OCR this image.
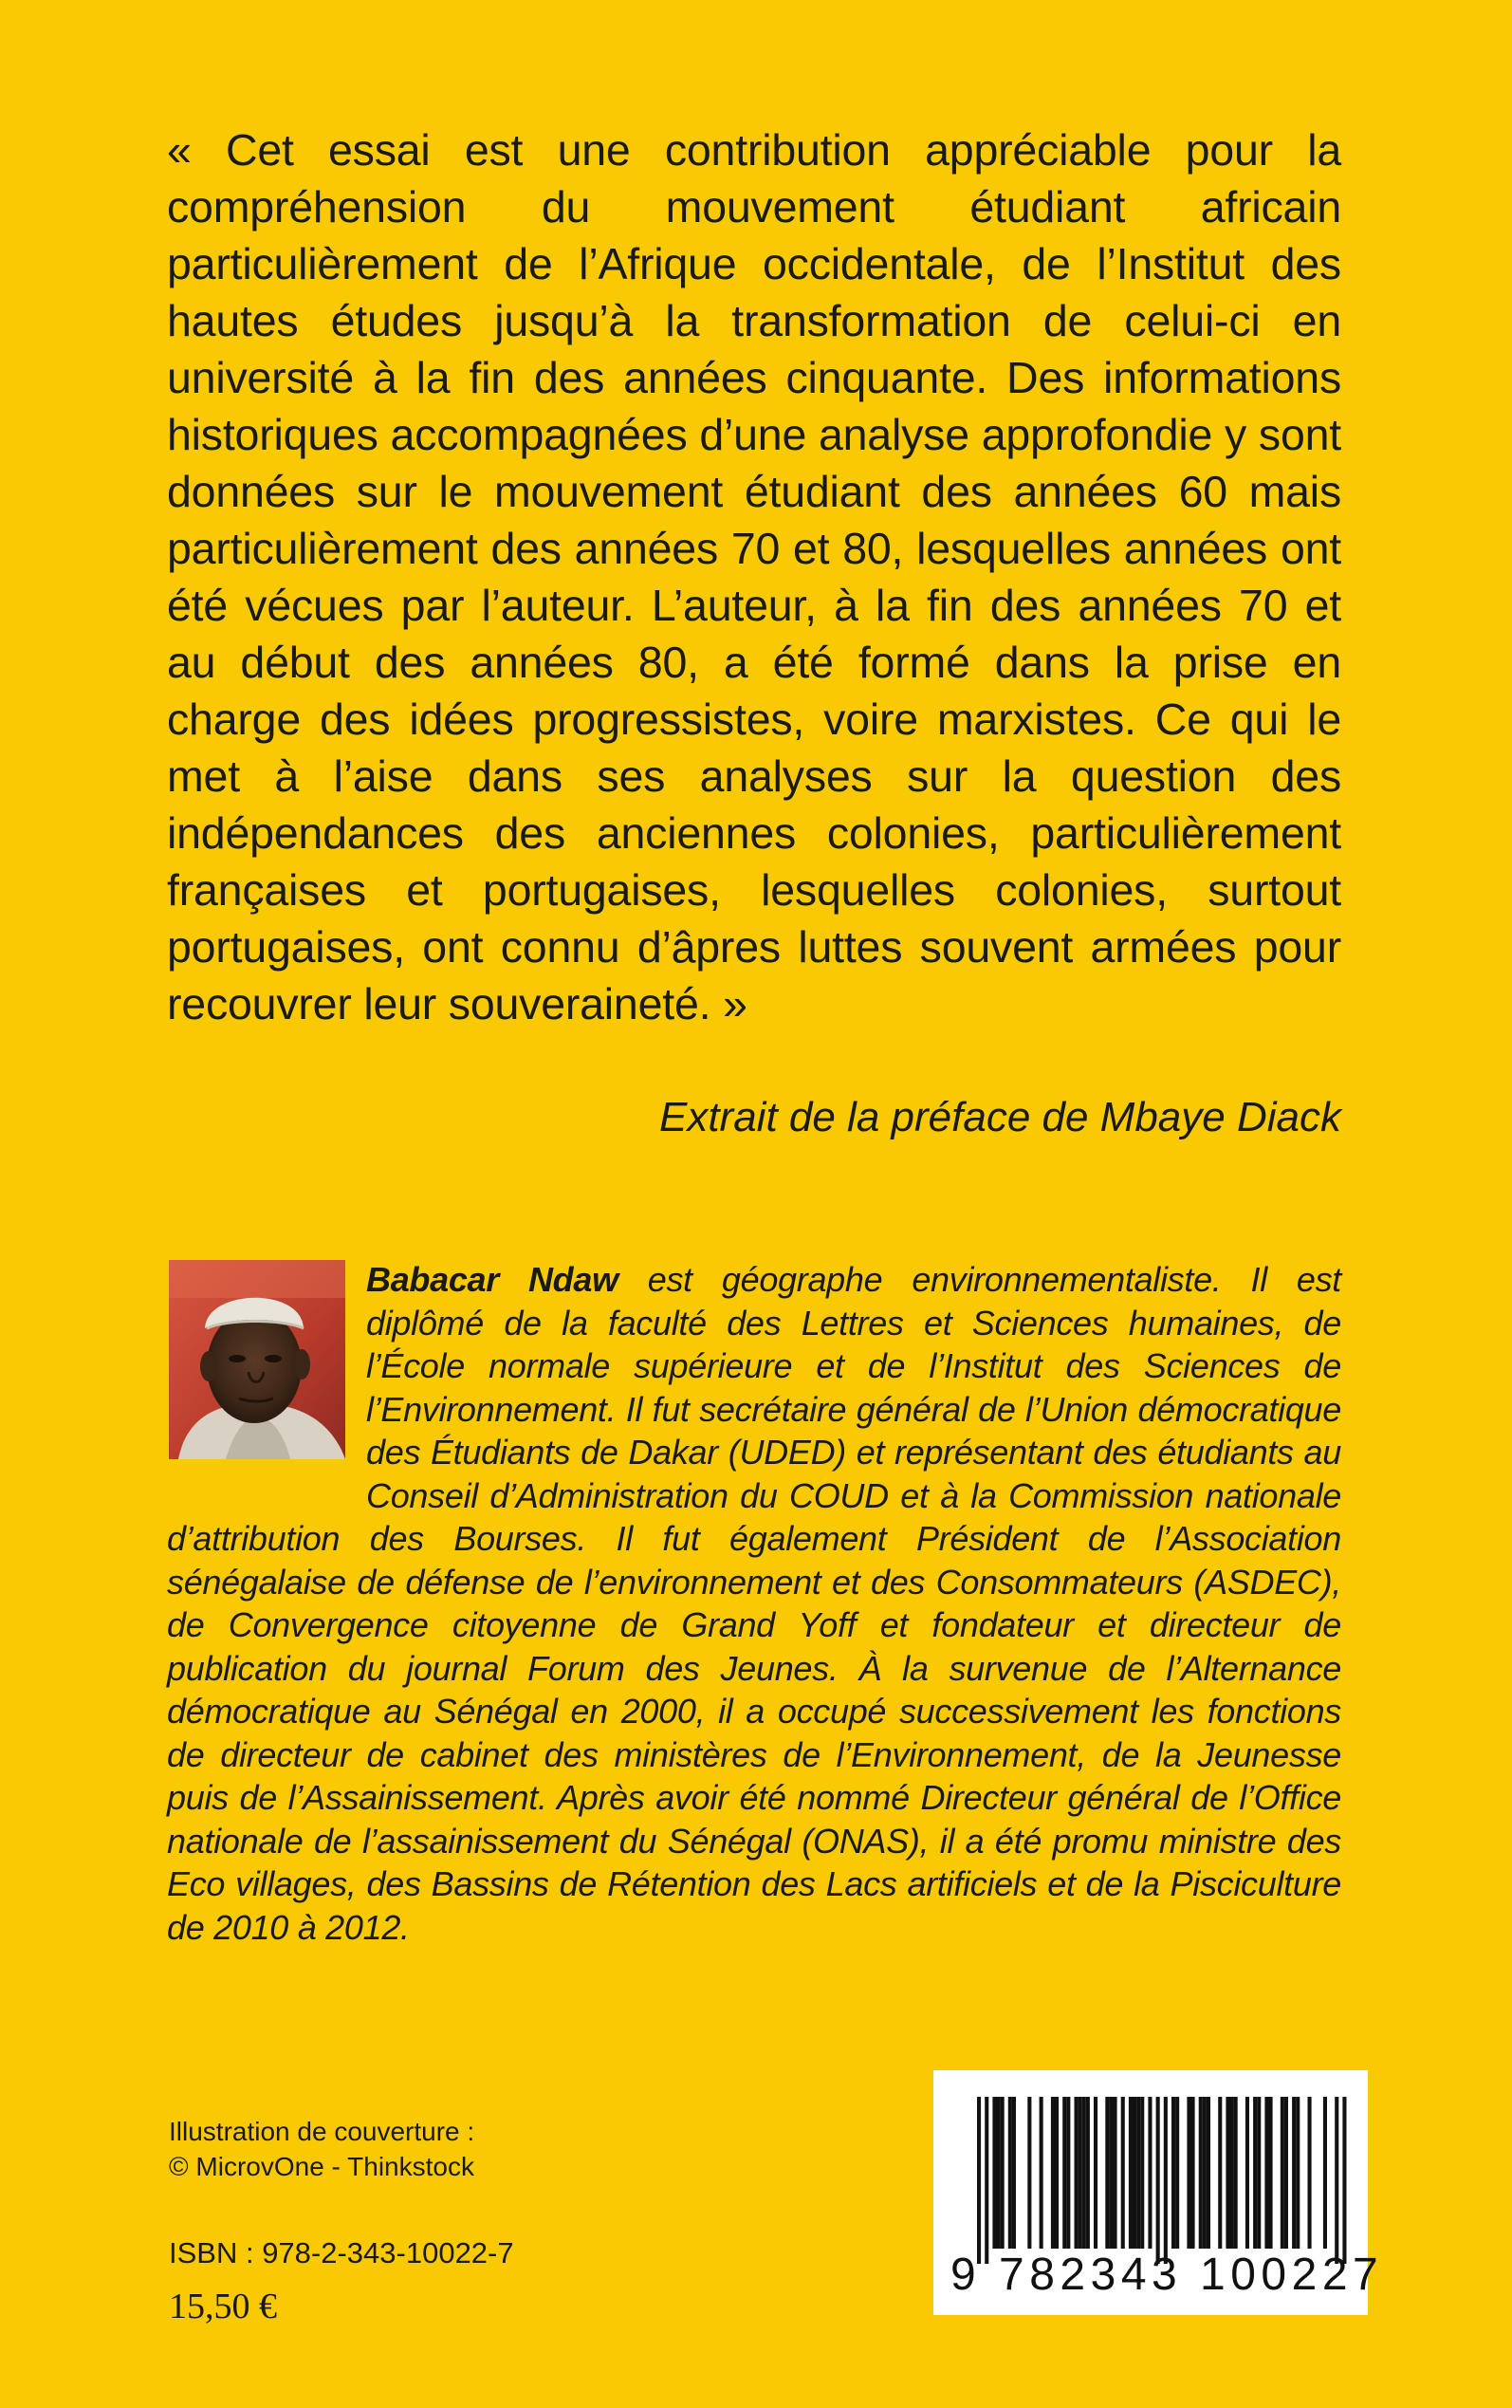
« Cet essai est une contribution appréciable pour la compréhension du mouvement étudiant africain particulièrement de l’Afrique occidentale, de l’Institut des hautes études jusqu’à la transformation de celui-ci en université à la fin des années cinquante. Des informations historiques accompagnées d’une analyse approfondie y sont données sur le mouvement étudiant des années 60 mais particulièrement des années 70 et 80, lesquelles années ont été vécues par l’auteur. L’auteur, à la fin des années 70 et au début des années 80, a été formé dans la prise en charge des idées progressistes, voire marxistes. Ce qui le met à l’aise dans ses analyses sur la question des indépendances des anciennes colonies, particulièrement françaises et portugaises, lesquelles colonies, surtout portugaises, ont connu d’âpres luttes souvent armées pour recouvrer leur souveraineté. »
Extrait de la préface de Mbaye Diack
Babacar Ndaw est géographe environnementaliste. Il est diplômé de la faculté des Lettres et Sciences humaines, de l’École normale supérieure et de l’Institut des Sciences de l’Environnement. Il fut secrétaire général de l’Union démocratique des Étudiants de Dakar (UDED) et représentant des étudiants au Conseil d’Administration du COUD et à la Commission nationale d’attribution des Bourses. Il fut également Président de l’Association sénégalaise de défense de l’environnement et des Consommateurs (ASDEC), de Convergence citoyenne de Grand Yoff et fondateur et directeur de publication du journal Forum des Jeunes. À la survenue de l’Alternance démocratique au Sénégal en 2000, il a occupé successivement les fonctions de directeur de cabinet des ministères de l’Environnement, de la Jeunesse puis de l’Assainissement. Après avoir été nommé Directeur général de l’Office nationale de l’assainissement du Sénégal (ONAS), il a été promu ministre des Eco villages, des Bassins de Rétention des Lacs artificiels et de la Pisciculture de 2010 à 2012.
Illustration de couverture :
© MicrovOne - Thinkstock
ISBN : 978-2-343-10022-7
15,50 €
9 782343 100227
